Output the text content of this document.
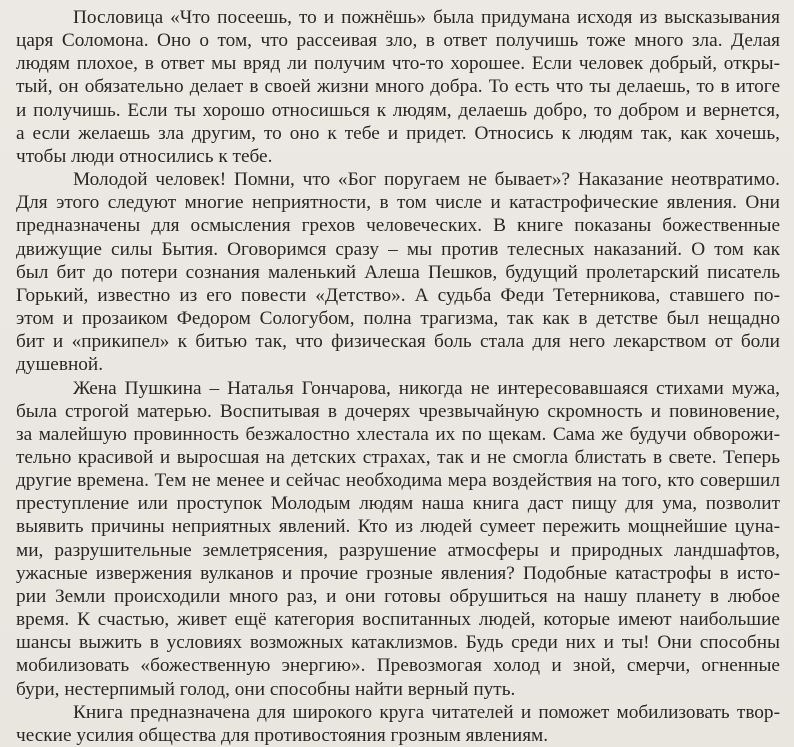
Пословица «Что посеешь, то и пожнёшь» была придумана исходя из высказывания
царя Соломона. Оно о том, что рассеивая зло, в ответ получишь тоже много зла. Делая
людям плохое, в ответ мы вряд ли получим что-то хорошее. Если человек добрый, откры-
тый, он обязательно делает в своей жизни много добра. То есть что ты делаешь, то в итоге
и получишь. Если ты хорошо относишься к людям, делаешь добро, то добром и вернется,
а если желаешь зла другим, то оно к тебе и придет. Относись к людям так, как хочешь,
чтобы люди относились к тебе.

Молодой человек! Помни, что «Бог поругаем не бывает»? Наказание неотвратимо.
Для этого следуют многие неприятности, в том числе и катастрофические явления. Они
предназначены для осмысления грехов человеческих. В книге показаны божественные
движущие силы Бытия. Оговоримся сразу – мы против телесных наказаний. О том как
был бит до потери сознания маленький Алеша Пешков, будущий пролетарский писатель
Горький, известно из его повести «Детство». А судьба Феди Тетерникова, ставшего по-
этом и прозаиком Федором Сологубом, полна трагизма, так как в детстве был нещадно
бит и «прикипел» к битью так, что физическая боль стала для него лекарством от боли
душевной.

Жена Пушкина – Наталья Гончарова, никогда не интересовавшаяся стихами мужа,
была строгой матерью. Воспитывая в дочерях чрезвычайную скромность и повиновение,
за малейшую провинность безжалостно хлестала их по щекам. Сама же будучи обворожи-
тельно красивой и выросшая на детских страхах, так и не смогла блистать в свете. Теперь
другие времена. Тем не менее и сейчас необходима мера воздействия на того, кто совершил
преступление или проступок Молодым людям наша книга даст пищу для ума, позволит
выявить причины неприятных явлений. Кто из людей сумеет пережить мощнейшие цуна-
ми, разрушительные землетрясения, разрушение атмосферы и природных ландшафтов,
ужасные извержения вулканов и прочие грозные явления? Подобные катастрофы в исто-
рии Земли происходили много раз, и они готовы обрушиться на нашу планету в любое
время. К счастью, живет ещё категория воспитанных людей, которые имеют наибольшие
шансы выжить в условиях возможных катаклизмов. Будь среди них и ты! Они способны
мобилизовать «божественную энергию». Превозмогая холод и зной, смерчи, огненные
бури, нестерпимый голод, они способны найти верный путь.

Книга предназначена для широкого круга читателей и поможет мобилизовать твор-
ческие усилия общества для противостояния грозным явлениям.
